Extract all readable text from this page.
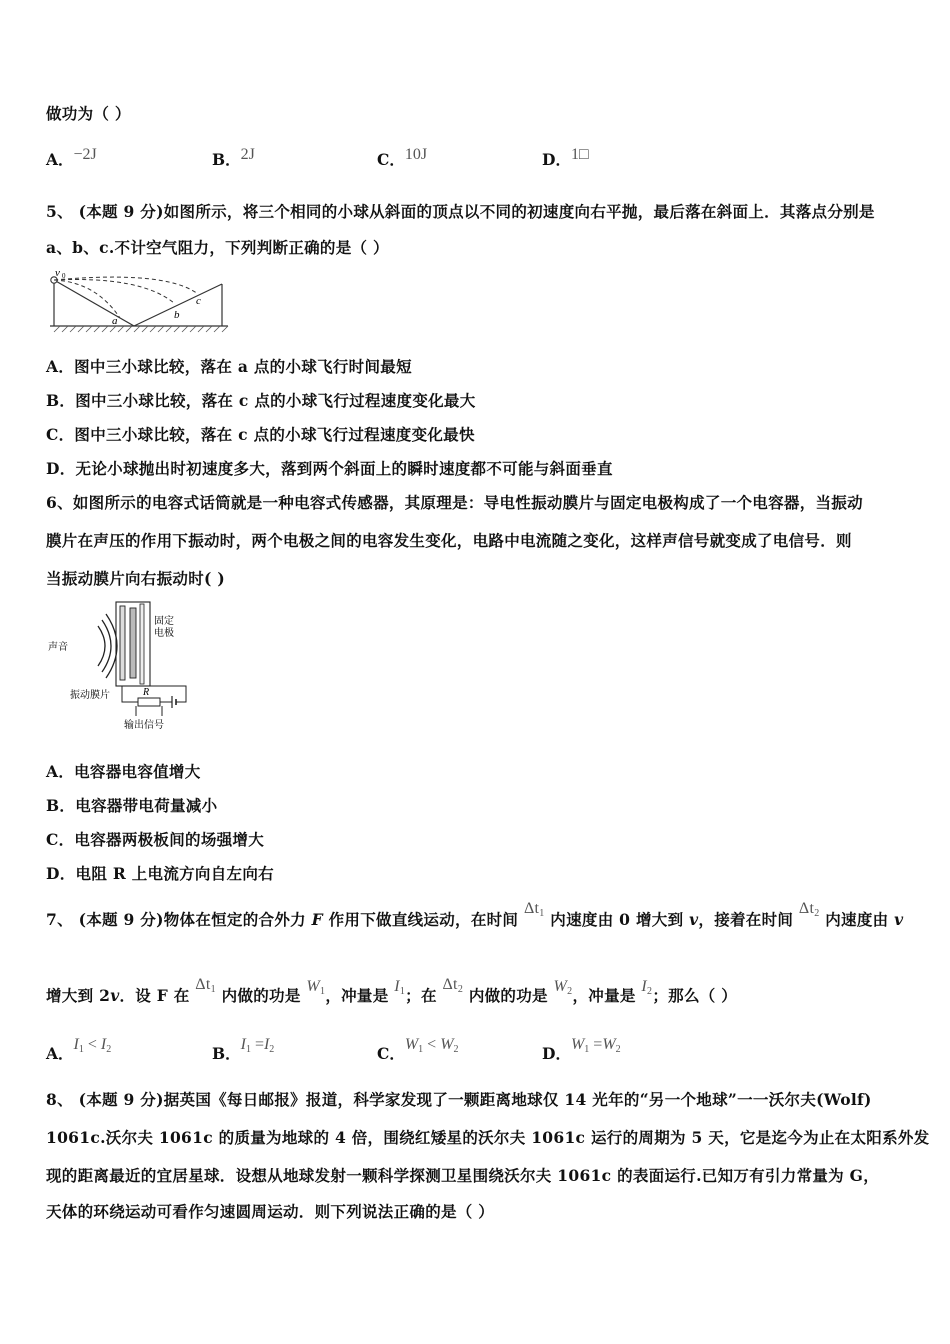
做功为（ ）
A．−2J	B．2J	C．10J	D．1□
5、 (本题 9 分)如图所示，将三个相同的小球从斜面的顶点以不同的初速度向右平抛，最后落在斜面上．其落点分别是
a、b、c.不计空气阻力，下列判断正确的是（ ）
v 0
a	b
c
A．图中三小球比较，落在 a 点的小球飞行时间最短
B．图中三小球比较，落在 c 点的小球飞行过程速度变化最大
C．图中三小球比较，落在 c 点的小球飞行过程速度变化最快
D．无论小球抛出时初速度多大，落到两个斜面上的瞬时速度都不可能与斜面垂直
6、如图所示的电容式话筒就是一种电容式传感器，其原理是：导电性振动膜片与固定电极构成了一个电容器，当振动
膜片在声压的作用下振动时，两个电极之间的电容发生变化，电路中电流随之变化，这样声信号就变成了电信号．则
当振动膜片向右振动时( )
声音
固定
电极
R
振动膜片
输出信号
A．电容器电容值增大
B．电容器带电荷量减小
C．电容器两极板间的场强增大
D．电阻 R 上电流方向自左向右
7、 (本题 9 分)物体在恒定的合外力 F 作用下做直线运动，在时间 $\Delta t_1$ 内速度由 0 增大到 v，接着在时间 $\Delta t_2$ 内速度由 v
增大到 2v．设 F 在 $\Delta t_1$ 内做的功是 $W_1$，冲量是 $I_1$；在 $\Delta t_2$ 内做的功是 $W_2$，冲量是 $I_2$；那么（ ）
A．$I_1 < I_2$	B．$I_1 =I_2$	C．$W_1 < W_2$	D．$W_1 =W_2$
8、 (本题 9 分)据英国《每日邮报》报道，科学家发现了一颗距离地球仅 14 光年的“另一个地球”一一沃尔夫(Wolf)
1061c.沃尔夫 1061c 的质量为地球的 4 倍，围绕红矮星的沃尔夫 1061c 运行的周期为 5 天，它是迄今为止在太阳系外发
现的距离最近的宜居星球．设想从地球发射一颗科学探测卫星围绕沃尔夫 1061c 的表面运行.已知万有引力常量为 G，
天体的环绕运动可看作匀速圆周运动．则下列说法正确的是（ ）
